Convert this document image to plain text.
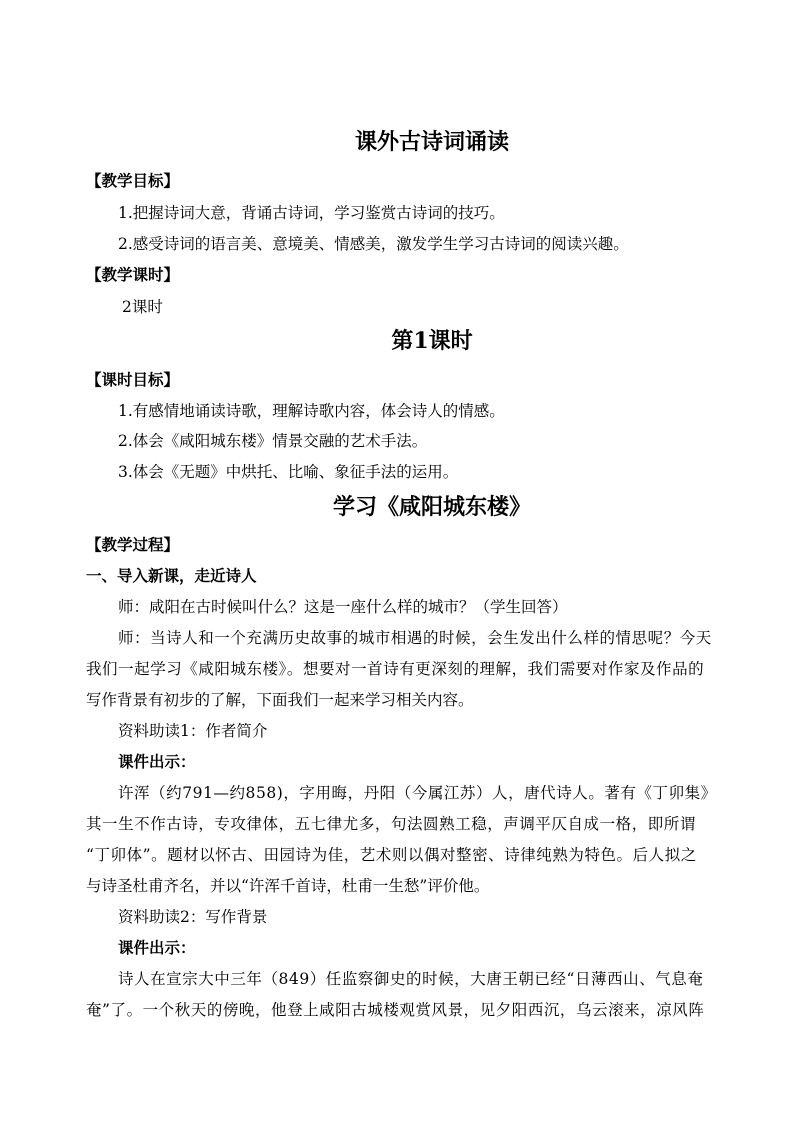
课外古诗词诵读
【教学目标】
1.把握诗词大意，背诵古诗词，学习鉴赏古诗词的技巧。
2.感受诗词的语言美、意境美、情感美，激发学生学习古诗词的阅读兴趣。
【教学课时】
2课时
第1课时
【课时目标】
1.有感情地诵读诗歌，理解诗歌内容，体会诗人的情感。
2.体会《咸阳城东楼》情景交融的艺术手法。
3.体会《无题》中烘托、比喻、象征手法的运用。
学习《咸阳城东楼》
【教学过程】
一、导入新课，走近诗人
师：咸阳在古时候叫什么？这是一座什么样的城市？（学生回答）
师：当诗人和一个充满历史故事的城市相遇的时候，会生发出什么样的情思呢？今天
我们一起学习《咸阳城东楼》。想要对一首诗有更深刻的理解，我们需要对作家及作品的
写作背景有初步的了解，下面我们一起来学习相关内容。
资料助读1：作者简介
课件出示：
许浑（约791—约858)，字用晦，丹阳（今属江苏）人，唐代诗人。著有《丁卯集》
其一生不作古诗，专攻律体，五七律尤多，句法圆熟工稳，声调平仄自成一格，即所谓
“丁卯体”。题材以怀古、田园诗为佳，艺术则以偶对整密、诗律纯熟为特色。后人拟之
与诗圣杜甫齐名，并以“许浑千首诗，杜甫一生愁”评价他。
资料助读2：写作背景
课件出示：
诗人在宣宗大中三年（849）任监察御史的时候，大唐王朝已经“日薄西山、气息奄
奄”了。一个秋天的傍晚，他登上咸阳古城楼观赏风景，见夕阳西沉，乌云滚来，凉风阵
